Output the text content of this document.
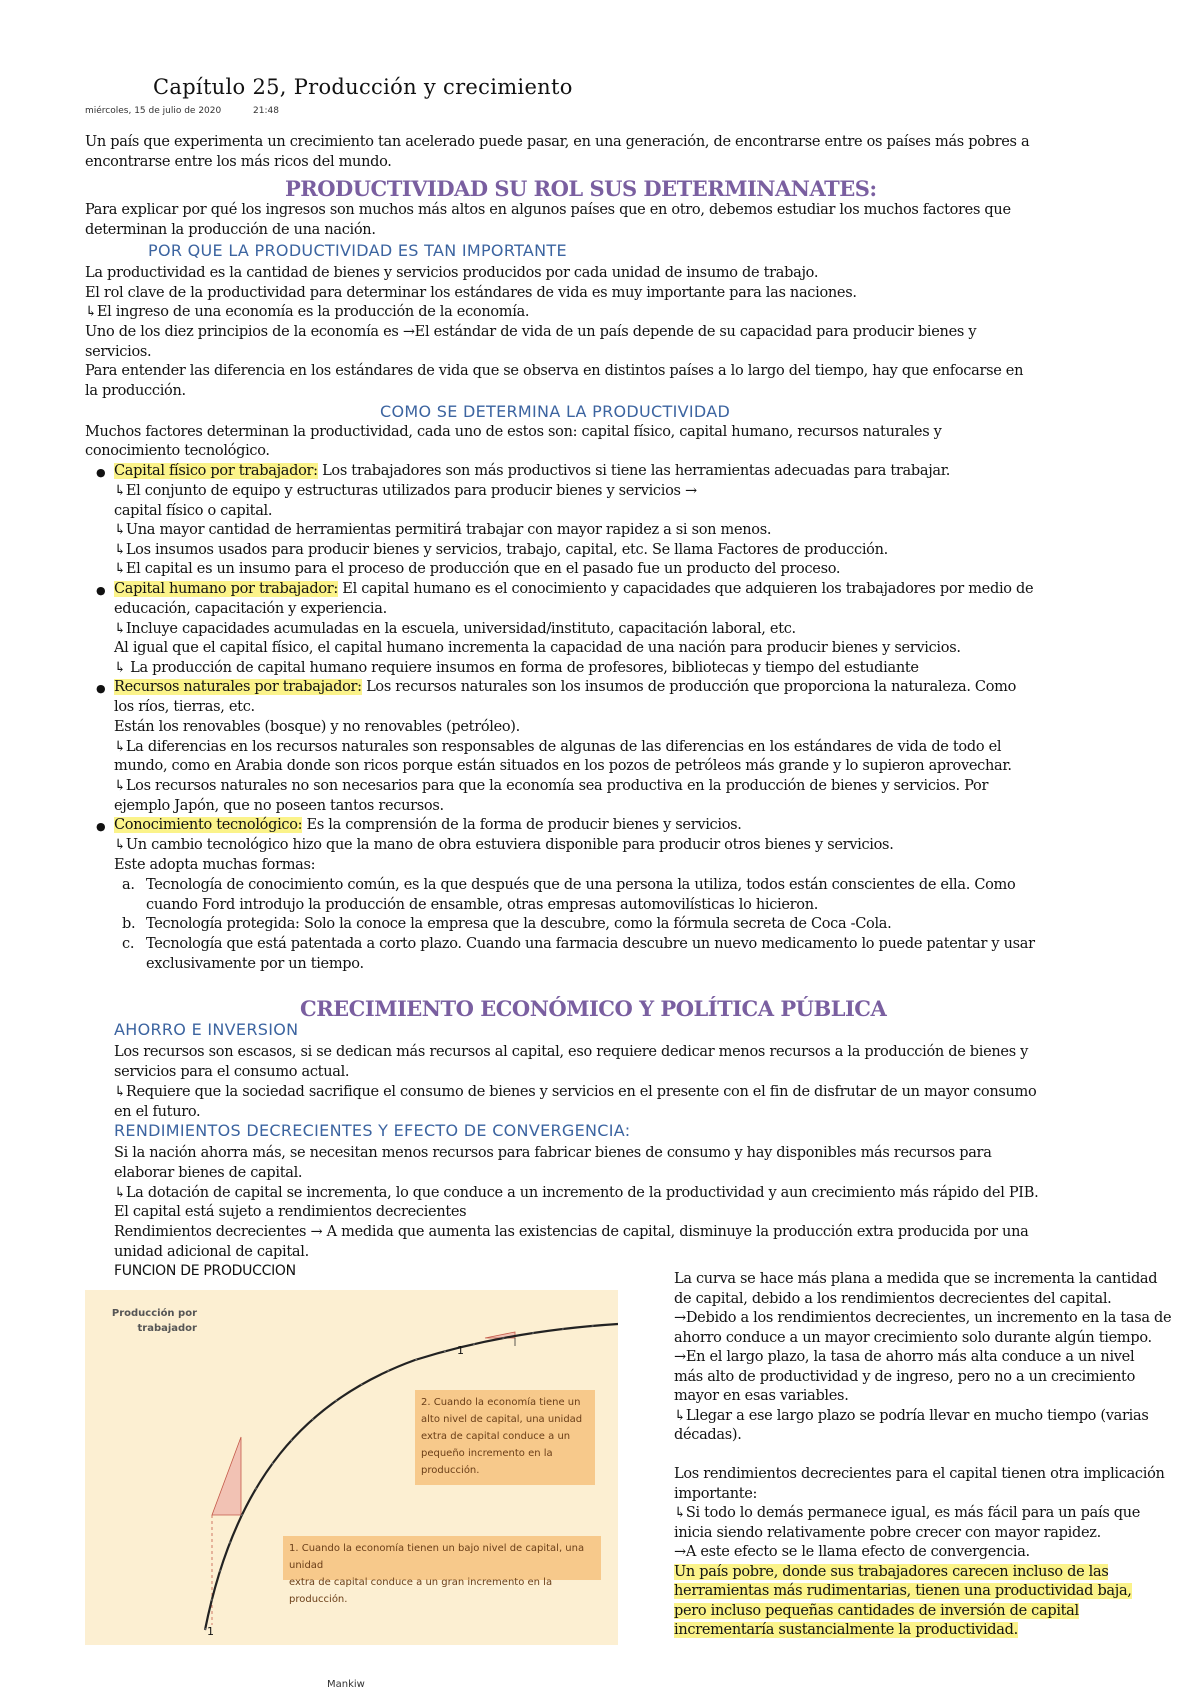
Capítulo 25, Producción y crecimiento
miércoles, 15 de julio de 2020	21:48
Un país que experimenta un crecimiento tan acelerado puede pasar, en una generación, de encontrarse entre os países más pobres a
encontrarse entre los más ricos del mundo.
PRODUCTIVIDAD SU ROL SUS DETERMINANATES:
Para explicar por qué los ingresos son muchos más altos en algunos países que en otro, debemos estudiar los muchos factores que
determinan la producción de una nación.
POR QUE LA PRODUCTIVIDAD ES TAN IMPORTANTE
La productividad es la cantidad de bienes y servicios producidos por cada unidad de insumo de trabajo.
El rol clave de la productividad para determinar los estándares de vida es muy importante para las naciones.
↳El ingreso de una economía es la producción de la economía.
Uno de los diez principios de la economía es →El estándar de vida de un país depende de su capacidad para producir bienes y
servicios.
Para entender las diferencia en los estándares de vida que se observa en distintos países a lo largo del tiempo, hay que enfocarse en
la producción.
COMO SE DETERMINA LA PRODUCTIVIDAD
Muchos factores determinan la productividad, cada uno de estos son: capital físico, capital humano, recursos naturales y
conocimiento tecnológico.
● Capital físico por trabajador: Los trabajadores son más productivos si tiene las herramientas adecuadas para trabajar.
↳El conjunto de equipo y estructuras utilizados para producir bienes y servicios →
capital físico o capital.
↳Una mayor cantidad de herramientas permitirá trabajar con mayor rapidez a si son menos.
↳Los insumos usados para producir bienes y servicios, trabajo, capital, etc. Se llama Factores de producción.
↳El capital es un insumo para el proceso de producción que en el pasado fue un producto del proceso.
● Capital humano por trabajador: El capital humano es el conocimiento y capacidades que adquieren los trabajadores por medio de
educación, capacitación y experiencia.
↳Incluye capacidades acumuladas en la escuela, universidad/instituto, capacitación laboral, etc.
Al igual que el capital físico, el capital humano incrementa la capacidad de una nación para producir bienes y servicios.
↳ La producción de capital humano requiere insumos en forma de profesores, bibliotecas y tiempo del estudiante
● Recursos naturales por trabajador: Los recursos naturales son los insumos de producción que proporciona la naturaleza. Como
los ríos, tierras, etc.
Están los renovables (bosque) y no renovables (petróleo).
↳La diferencias en los recursos naturales son responsables de algunas de las diferencias en los estándares de vida de todo el
mundo, como en Arabia donde son ricos porque están situados en los pozos de petróleos más grande y lo supieron aprovechar.
↳Los recursos naturales no son necesarios para que la economía sea productiva en la producción de bienes y servicios. Por
ejemplo Japón, que no poseen tantos recursos.
● Conocimiento tecnológico: Es la comprensión de la forma de producir bienes y servicios.
↳Un cambio tecnológico hizo que la mano de obra estuviera disponible para producir otros bienes y servicios.
Este adopta muchas formas:
a. Tecnología de conocimiento común, es la que después que de una persona la utiliza, todos están conscientes de ella. Como
cuando Ford introdujo la producción de ensamble, otras empresas automovilísticas lo hicieron.
b. Tecnología protegida: Solo la conoce la empresa que la descubre, como la fórmula secreta de Coca -Cola.
c. Tecnología que está patentada a corto plazo. Cuando una farmacia descubre un nuevo medicamento lo puede patentar y usar
exclusivamente por un tiempo.
CRECIMIENTO ECONÓMICO Y POLÍTICA PÚBLICA
AHORRO E INVERSION
Los recursos son escasos, si se dedican más recursos al capital, eso requiere dedicar menos recursos a la producción de bienes y
servicios para el consumo actual.
↳Requiere que la sociedad sacrifique el consumo de bienes y servicios en el presente con el fin de disfrutar de un mayor consumo
en el futuro.
RENDIMIENTOS DECRECIENTES Y EFECTO DE CONVERGENCIA:
Si la nación ahorra más, se necesitan menos recursos para fabricar bienes de consumo y hay disponibles más recursos para
elaborar bienes de capital.
↳La dotación de capital se incrementa, lo que conduce a un incremento de la productividad y aun crecimiento más rápido del PIB.
El capital está sujeto a rendimientos decrecientes
Rendimientos decrecientes → A medida que aumenta las existencias de capital, disminuye la producción extra producida por una
unidad adicional de capital.
FUNCION DE PRODUCCION
Producción por
trabajador
1
1
2. Cuando la economía tiene un
alto nivel de capital, una unidad
extra de capital conduce a un
pequeño incremento en la
producción.
1. Cuando la economía tienen un bajo nivel de capital, una unidad
extra de capital conduce a un gran incremento en la producción.
La curva se hace más plana a medida que se incrementa la cantidad
de capital, debido a los rendimientos decrecientes del capital.
→Debido a los rendimientos decrecientes, un incremento en la tasa de
ahorro conduce a un mayor crecimiento solo durante algún tiempo.
→En el largo plazo, la tasa de ahorro más alta conduce a un nivel
más alto de productividad y de ingreso, pero no a un crecimiento
mayor en esas variables.
↳Llegar a ese largo plazo se podría llevar en mucho tiempo (varias
décadas).
Los rendimientos decrecientes para el capital tienen otra implicación
importante:
↳Si todo lo demás permanece igual, es más fácil para un país que
inicia siendo relativamente pobre crecer con mayor rapidez.
→A este efecto se le llama efecto de convergencia.
Un país pobre, donde sus trabajadores carecen incluso de las
herramientas más rudimentarias, tienen una productividad baja,
pero incluso pequeñas cantidades de inversión de capital
incrementaría sustancialmente la productividad.
Mankiw
